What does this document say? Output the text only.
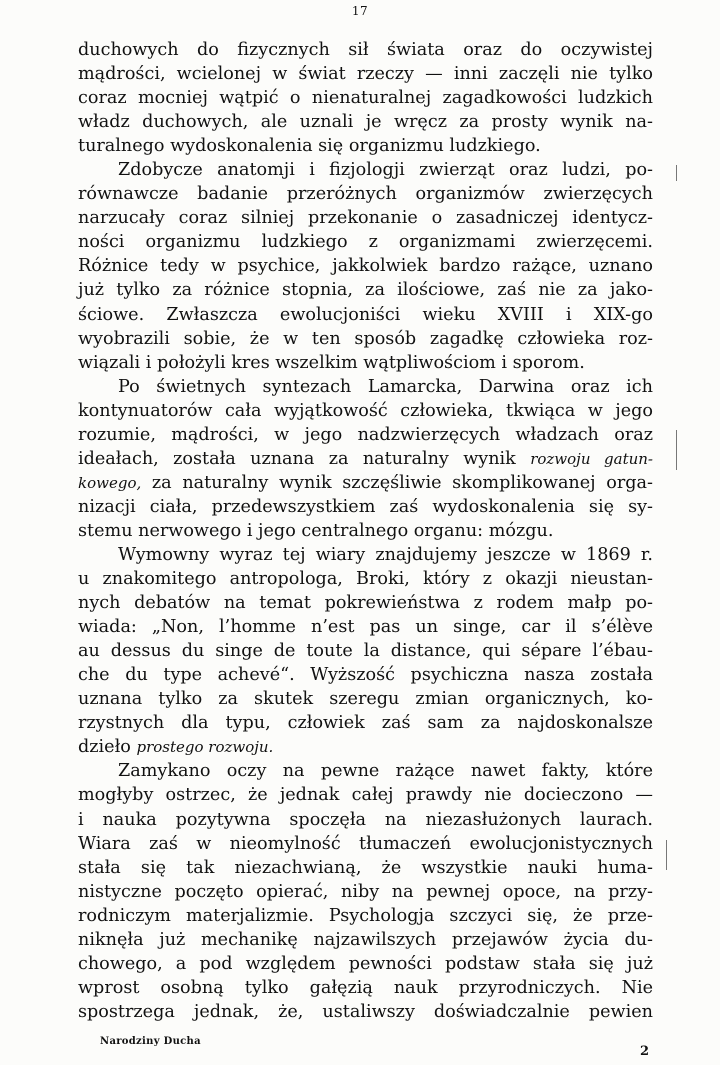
17
duchowych do fizycznych sił świata oraz do oczywistej
mądrości, wcielonej w świat rzeczy — inni zaczęli nie tylko
coraz mocniej wątpić o nienaturalnej zagadkowości ludzkich
władz duchowych, ale uznali je wręcz za prosty wynik na-
turalnego wydoskonalenia się organizmu ludzkiego.
Zdobycze anatomji i fizjologji zwierząt oraz ludzi, po-
równawcze badanie przeróżnych organizmów zwierzęcych
narzucały coraz silniej przekonanie o zasadniczej identycz-
ności organizmu ludzkiego z organizmami zwierzęcemi.
Różnice tedy w psychice, jakkolwiek bardzo rażące, uznano
już tylko za różnice stopnia, za ilościowe, zaś nie za jako-
ściowe. Zwłaszcza ewolucjoniści wieku XVIII i XIX-go
wyobrazili sobie, że w ten sposób zagadkę człowieka roz-
wiązali i położyli kres wszelkim wątpliwościom i sporom.
Po świetnych syntezach Lamarcka, Darwina oraz ich
kontynuatorów cała wyjątkowość człowieka, tkwiąca w jego
rozumie, mądrości, w jego nadzwierzęcych władzach oraz
ideałach, została uznana za naturalny wynik rozwoju gatun-
kowego, za naturalny wynik szczęśliwie skomplikowanej orga-
nizacji ciała, przedewszystkiem zaś wydoskonalenia się sy-
stemu nerwowego i jego centralnego organu: mózgu.
Wymowny wyraz tej wiary znajdujemy jeszcze w 1869 r.
u znakomitego antropologa, Broki, który z okazji nieustan-
nych debatów na temat pokrewieństwa z rodem małp po-
wiada: „Non, l’homme n’est pas un singe, car il s’élève
au dessus du singe de toute la distance, qui sépare l’ébau-
che du type achevé“. Wyższość psychiczna nasza została
uznana tylko za skutek szeregu zmian organicznych, ko-
rzystnych dla typu, człowiek zaś sam za najdoskonalsze
dzieło prostego rozwoju.
Zamykano oczy na pewne rażące nawet fakty, które
mogłyby ostrzec, że jednak całej prawdy nie docieczono —
i nauka pozytywna spoczęła na niezasłużonych laurach.
Wiara zaś w nieomylność tłumaczeń ewolucjonistycznych
stała się tak niezachwianą, że wszystkie nauki huma-
nistyczne poczęto opierać, niby na pewnej opoce, na przy-
rodniczym materjalizmie. Psychologja szczyci się, że prze-
niknęła już mechanikę najzawilszych przejawów życia du-
chowego, a pod względem pewności podstaw stała się już
wprost osobną tylko gałęzią nauk przyrodniczych. Nie
spostrzega jednak, że, ustaliwszy doświadczalnie pewien
Narodziny Ducha
2
